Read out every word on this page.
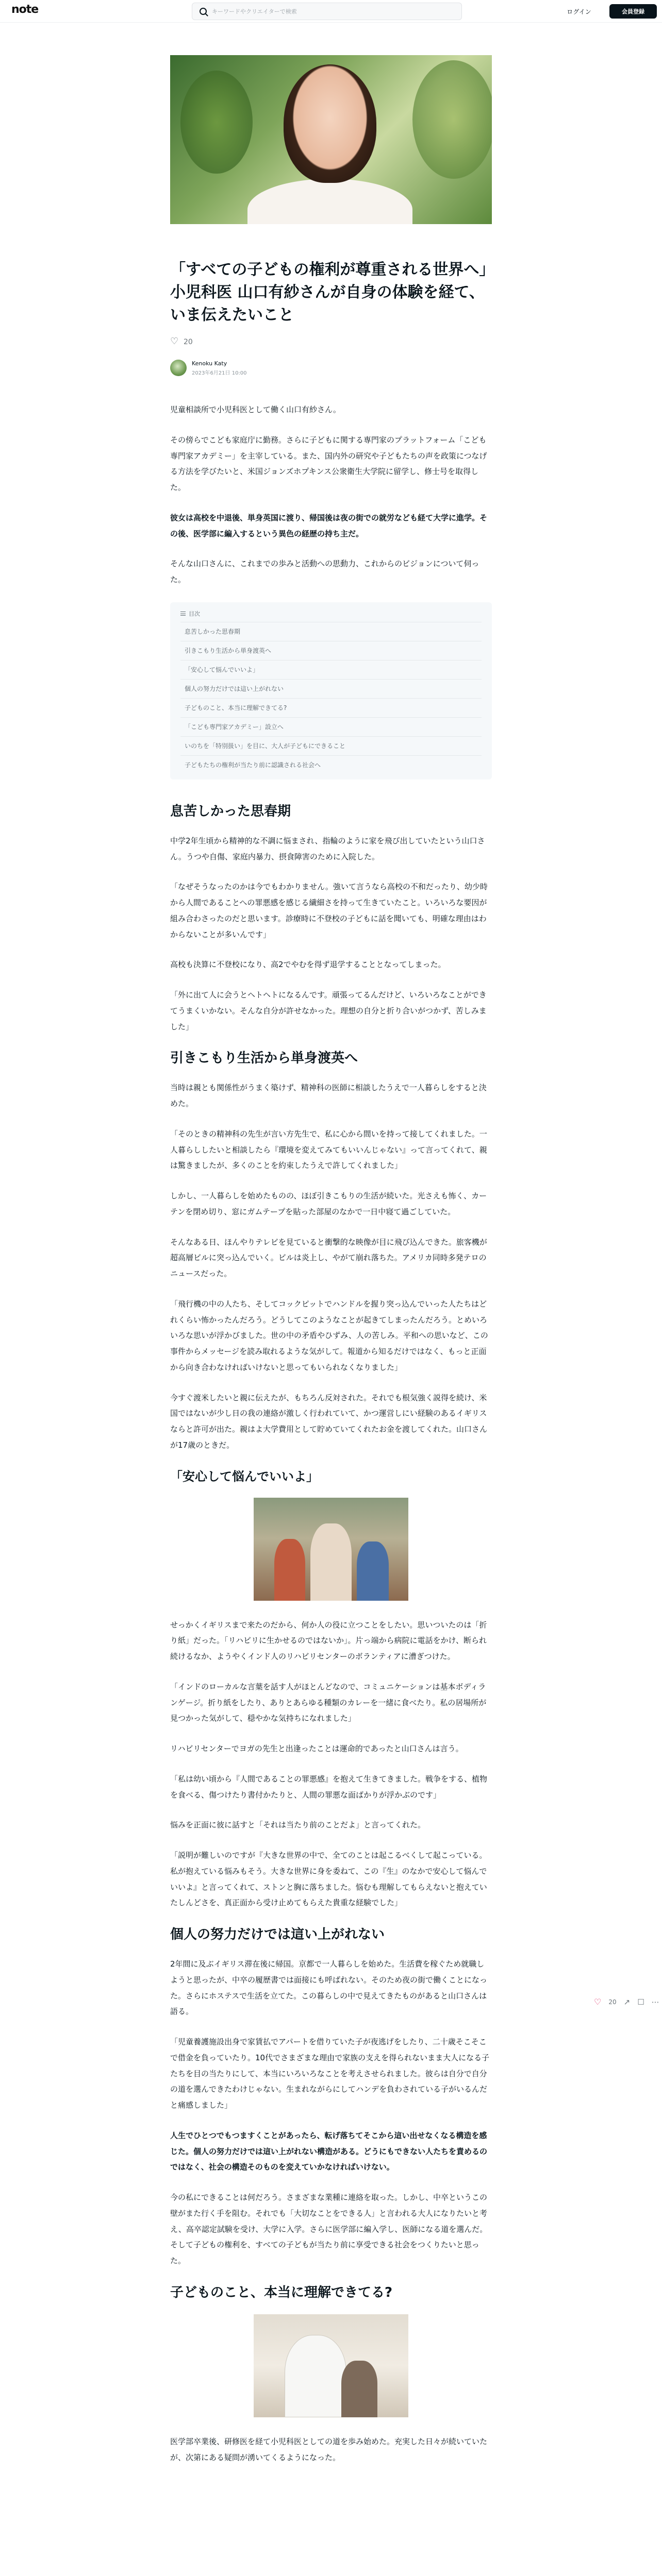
note	キーワードやクリエイターで検索	ログイン	会員登録
「すべての子どもの権利が尊重される世界へ」小児科医 山口有紗さんが自身の体験を経て、いま伝えたいこと
♡
20
Kenoku Katy
2023年6月21日 10:00

児童相談所で小児科医として働く山口有紗さん。

その傍らでこども家庭庁に勤務。さらに子どもに関する専門家のプラットフォーム「こども専門家アカデミー」を主宰している。また、国内外の研究や子どもたちの声を政策につなげる方法を学びたいと、米国ジョンズホプキンス公衆衛生大学院に留学し、修士号を取得した。

彼女は高校を中退後、単身英国に渡り、帰国後は夜の街での就労なども経て大学に進学。その後、医学部に編入するという異色の経歴の持ち主だ。

そんな山口さんに、これまでの歩みと活動への思動力、これからのビジョンについて伺った。

目次
息苦しかった思春期
引きこもり生活から単身渡英へ
「安心して悩んでいいよ」
個人の努力だけでは這い上がれない
子どものこと、本当に理解できてる?
「こども専門家アカデミー」設立へ
いのちを「特別扱い」を目に、大人が子どもにできること
子どもたちの権利が当たり前に認識される社会へ
息苦しかった思春期

中学2年生頃から精神的な不調に悩まされ、指輪のように家を飛び出していたという山口さん。うつや自傷、家庭内暴力、摂食障害のために入院した。

「なぜそうなったのかは今でもわかりません。強いて言うなら高校の不和だったり、幼少時から人間であることへの罪悪感を感じる繊細さを持って生きていたこと。いろいろな要因が組み合わさったのだと思います。診療時に不登校の子どもに話を聞いても、明確な理由はわからないことが多いんです」

高校も決算に不登校になり、高2でやむを得ず退学することとなってしまった。

「外に出て人に会うとヘトヘトになるんです。頑張ってるんだけど、いろいろなことができてうまくいかない。そんな自分が許せなかった。理想の自分と折り合いがつかず、苦しみました」

引きこもり生活から単身渡英へ

当時は親とも関係性がうまく築けず、精神科の医師に相談したうえで一人暮らしをすると決めた。

「そのときの精神科の先生が言い方先生で、私に心から間いを持って接してくれました。一人暮らししたいと相談したら『環境を変えてみてもいいんじゃない』って言ってくれて、親は驚きましたが、多くのことを約束したうえで許してくれました」

しかし、一人暮らしを始めたものの、ほぼ引きこもりの生活が続いた。光さえも怖く、カーテンを閉め切り、窓にガムテープを貼った部屋のなかで一日中寝て過ごしていた。

そんなある日、ほんやりテレビを見ていると衝撃的な映像が目に飛び込んできた。旅客機が超高層ビルに突っ込んでいく。ビルは炎上し、やがて崩れ落ちた。アメリカ同時多発テロのニュースだった。

「飛行機の中の人たち、そしてコックピットでハンドルを握り突っ込んでいった人たちはどれくらい怖かったんだろう。どうしてこのようなことが起きてしまったんだろう。とめいろいろな思いが浮かびました。世の中の矛盾やひずみ、人の苦しみ。平和への思いなど、この事件からメッセージを読み取れるような気がして。報道から知るだけではなく、もっと正面から向き合わなければいけないと思ってもいられなくなりました」

今すぐ渡米したいと親に伝えたが、もちろん反対された。それでも根気強く説得を続け、米国ではないが少し日の我の連絡が激しく行われていて、かつ運営しにい経験のあるイギリスならと許可が出た。親はよ大学費用として貯めていてくれたお金を渡してくれた。山口さんが17歳のときだ。

「安心して悩んでいいよ」

せっかくイギリスまで来たのだから、何か人の役に立つことをしたい。思いついたのは「折り紙」だった。「リハビリに生かせるのではないか」。片っ端から病院に電話をかけ、断られ続けるなか、ようやくインド人のリハビリセンターのボランティアに漕ぎつけた。

「インドのローカルな言葉を話す人がほとんどなので、コミュニケーションは基本ボディランゲージ。折り紙をしたり、ありとあらゆる種類のカレーを一緒に食べたり。私の居場所が見つかった気がして、穏やかな気持ちになれました」

リハビリセンターでヨガの先生と出逢ったことは運命的であったと山口さんは言う。

「私は幼い頃から『人間であることの罪悪感』を抱えて生きてきました。戦争をする、植物を食べる、傷つけたり書付かたりと、人間の罪悪な面ばかりが浮かぶのです」

悩みを正面に彼に話すと「それは当たり前のことだよ」と言ってくれた。

「説明が難しいのですが『大きな世界の中で、全てのことは起こるべくして起こっている。私が抱えている悩みもそう。大きな世界に身を委ねて、この『生』のなかで安心して悩んでいいよ』と言ってくれて、ストンと胸に落ちました。悩むも理解してもらえないと抱えていたしんどさを、真正面から受け止めてもらえた貴重な経験でした」

個人の努力だけでは這い上がれない

2年間に及ぶイギリス滞在後に帰国。京都で一人暮らしを始めた。生活費を稼ぐため就職しようと思ったが、中卒の履歴書では面接にも呼ばれない。そのため夜の街で働くことになった。さらにホステスで生活を立てた。この暮らしの中で見えてきたものがあると山口さんは語る。

「児童養護施設出身で家賃払でアパートを借りていた子が夜逃げをしたり、二十歳そこそこで借金を負っていたり。10代でさまざまな理由で家族の支えを得られないまま大人になる子たちを目の当たりにして、本当にいろいろなことを考えさせられました。彼らは自分で自分の道を選んできたわけじゃない。生まれながらにしてハンデを負わされている子がいるんだと痛感しました」

人生でひとつでもつますくことがあったら、転げ落ちてそこから這い出せなくなる構造を感じた。個人の努力だけでは這い上がれない構造がある。どうにもできない人たちを責めるのではなく、社会の構造そのものを変えていかなければいけない。

今の私にできることは何だろう。さまざまな業種に連絡を取った。しかし、中卒というこの壁がまた行く手を阻む。それでも「大切なことをできる人」と言われる大人になりたいと考え、高卒認定試験を受け、大学に入学。さらに医学部に編入学し、医師になる道を選んだ。そして子どもの権利を、すべての子どもが当たり前に享受できる社会をつくりたいと思った。

子どものこと、本当に理解できてる?

医学部卒業後、研修医を経て小児科医としての道を歩み始めた。充実した日々が続いていたが、次第にある疑問が湧いてくるようになった。

♡ 20 ↗ ☐ ⋯
